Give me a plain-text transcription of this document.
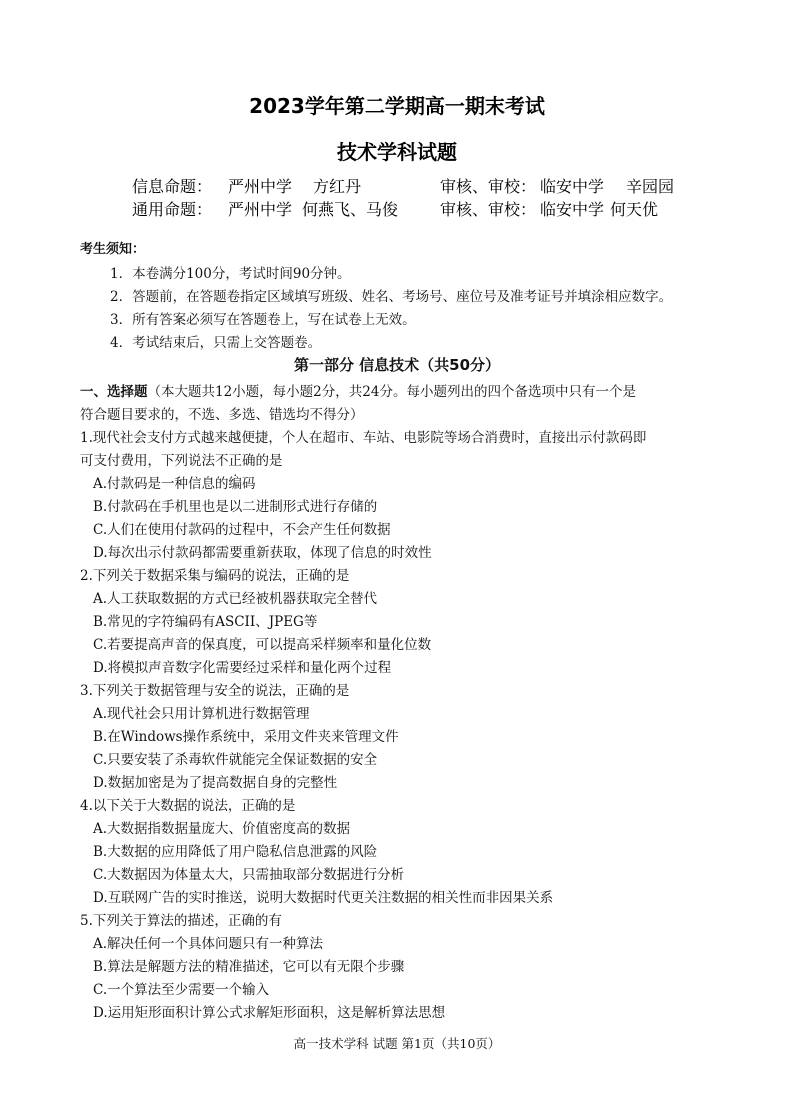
2023学年第二学期高一期末考试
技术学科试题
信息命题： 严州中学 方红丹	审核、审校： 临安中学 辛园园
通用命题： 严州中学 何燕飞、马俊	审核、审校： 临安中学 何天优
考生须知：
1．本卷满分100分，考试时间90分钟。
2．答题前，在答题卷指定区域填写班级、姓名、考场号、座位号及准考证号并填涂相应数字。
3．所有答案必须写在答题卷上，写在试卷上无效。
4．考试结束后，只需上交答题卷。
第一部分 信息技术（共50分）
一、选择题（本大题共12小题，每小题2分，共24分。每小题列出的四个备选项中只有一个是
符合题目要求的，不选、多选、错选均不得分）
1.现代社会支付方式越来越便捷，个人在超市、车站、电影院等场合消费时，直接出示付款码即
可支付费用，下列说法不正确的是
A.付款码是一种信息的编码
B.付款码在手机里也是以二进制形式进行存储的
C.人们在使用付款码的过程中，不会产生任何数据
D.每次出示付款码都需要重新获取，体现了信息的时效性
2.下列关于数据采集与编码的说法，正确的是
A.人工获取数据的方式已经被机器获取完全替代
B.常见的字符编码有ASCII、JPEG等
C.若要提高声音的保真度，可以提高采样频率和量化位数
D.将模拟声音数字化需要经过采样和量化两个过程
3.下列关于数据管理与安全的说法，正确的是
A.现代社会只用计算机进行数据管理
B.在Windows操作系统中，采用文件夹来管理文件
C.只要安装了杀毒软件就能完全保证数据的安全
D.数据加密是为了提高数据自身的完整性
4.以下关于大数据的说法，正确的是
A.大数据指数据量庞大、价值密度高的数据
B.大数据的应用降低了用户隐私信息泄露的风险
C.大数据因为体量太大，只需抽取部分数据进行分析
D.互联网广告的实时推送，说明大数据时代更关注数据的相关性而非因果关系
5.下列关于算法的描述，正确的有
A.解决任何一个具体问题只有一种算法
B.算法是解题方法的精准描述，它可以有无限个步骤
C.一个算法至少需要一个输入
D.运用矩形面积计算公式求解矩形面积，这是解析算法思想
高一技术学科 试题 第1页（共10页）
